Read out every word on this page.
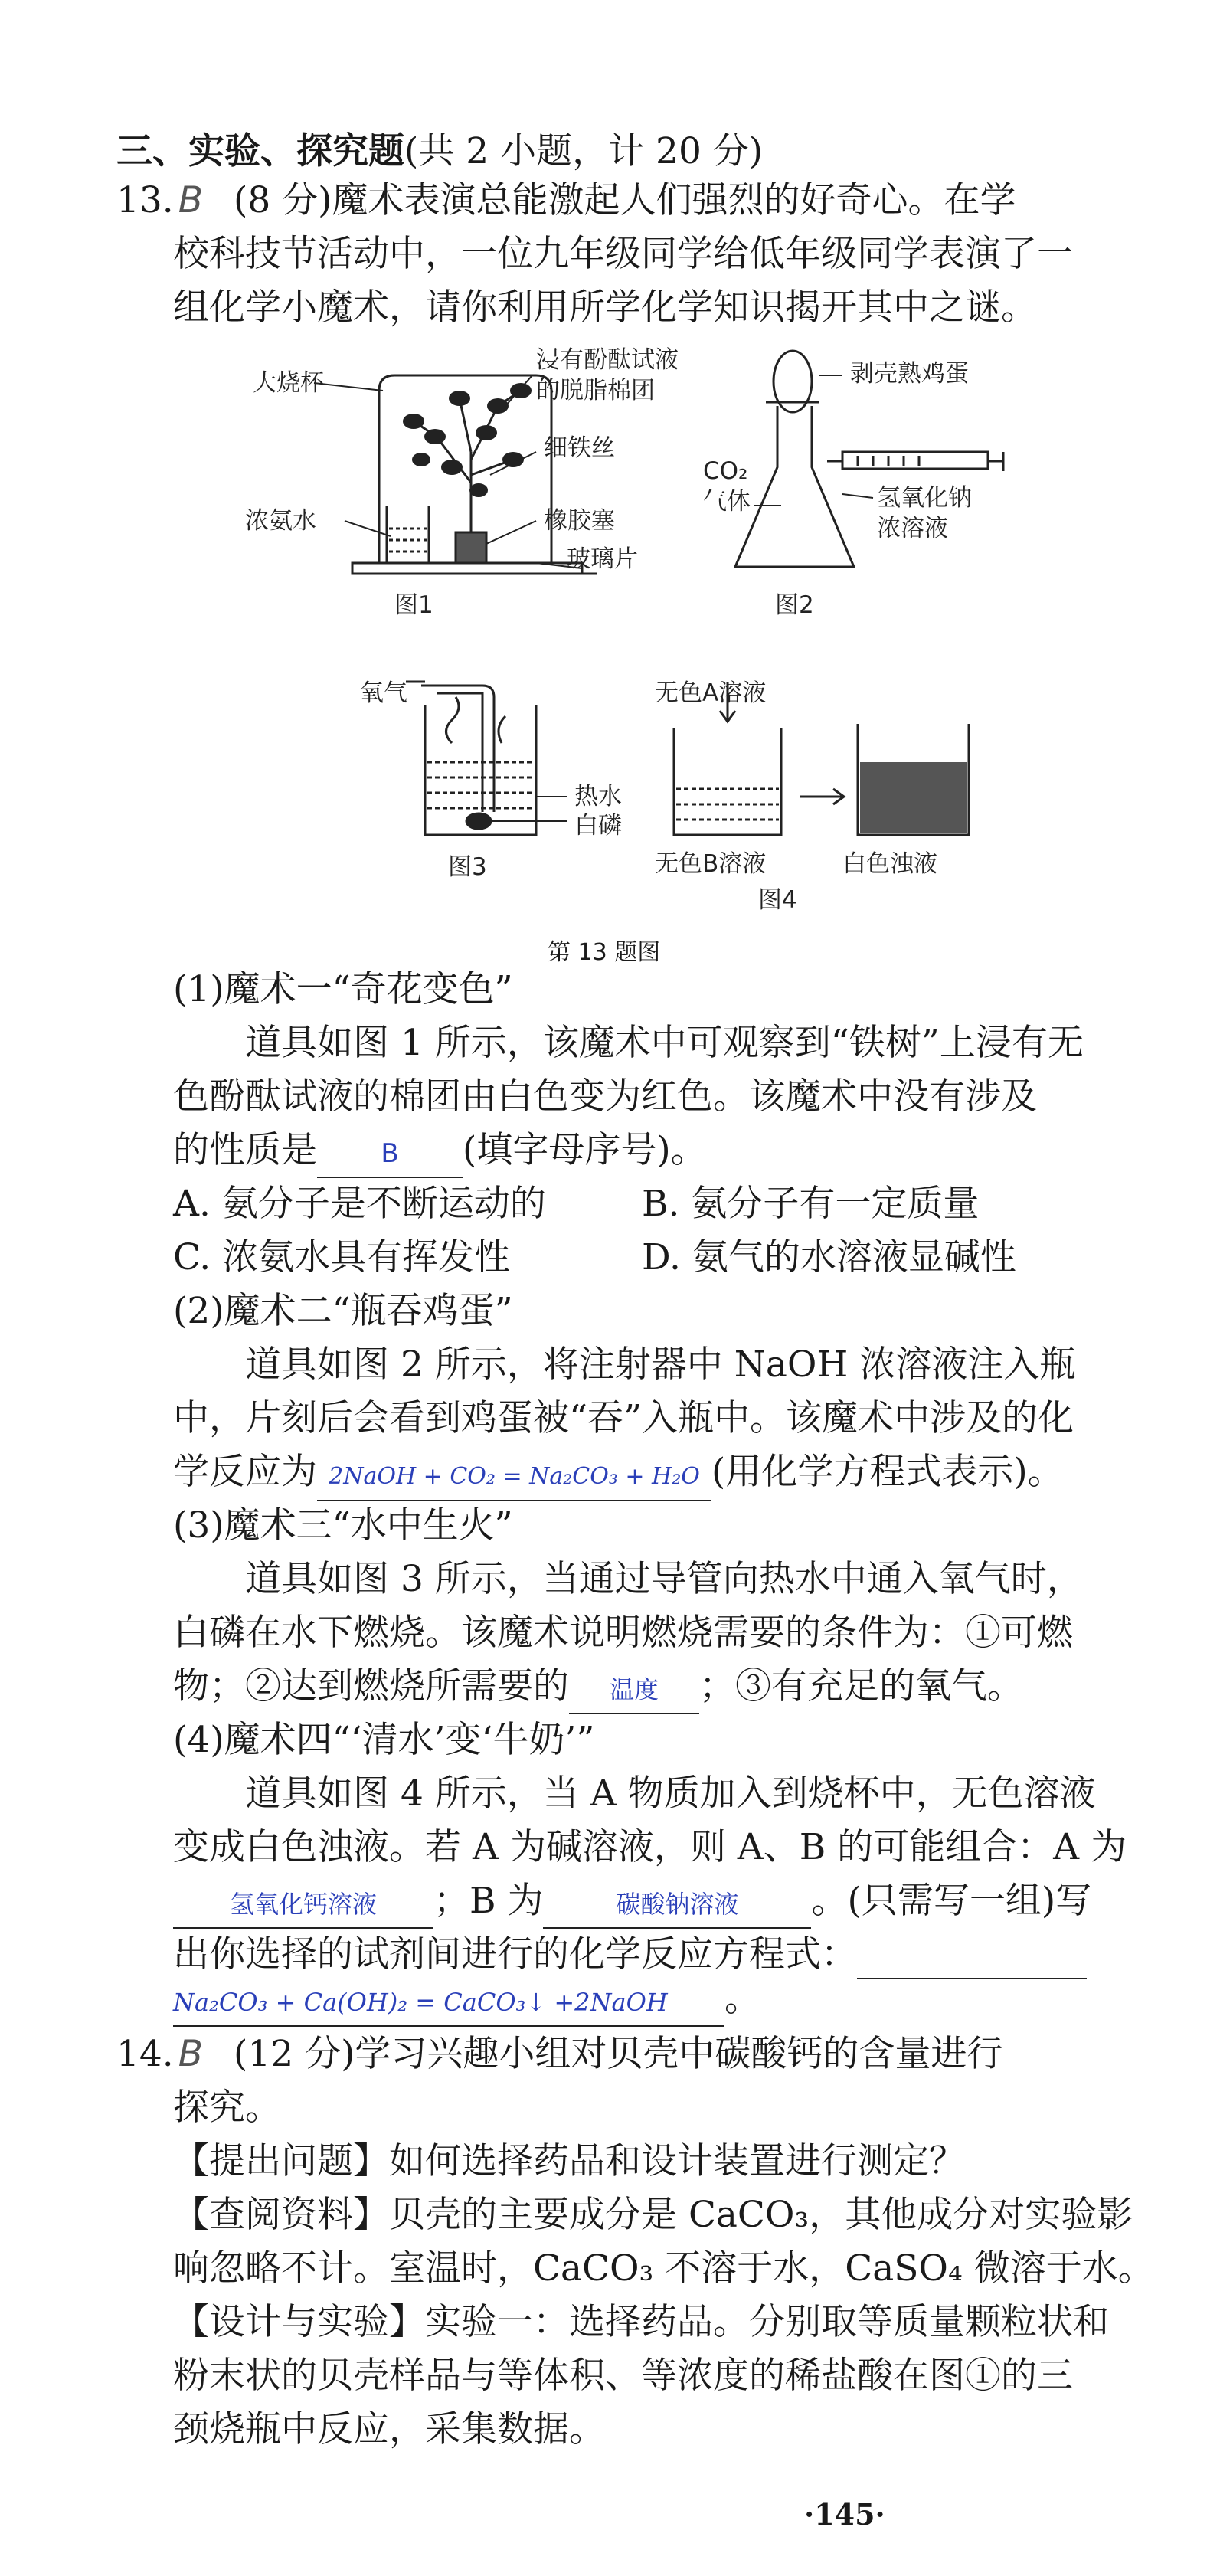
三、实验、探究题(共 2 小题，计 20 分)
13. B (8 分)魔术表演总能激起人们强烈的好奇心。在学
校科技节活动中，一位九年级同学给低年级同学表演了一
组化学小魔术，请你利用所学化学知识揭开其中之谜。
大烧杯
浸有酚酞试液
的脱脂棉团
细铁丝
浓氨水	橡胶塞
玻璃片
图1
剥壳熟鸡蛋
CO₂
气体	氢氧化钠
浓溶液
图2
氧气
热水
白磷
图3
无色A溶液
无色B溶液	白色浊液
图4
第 13 题图
(1)魔术一“奇花变色”
道具如图 1 所示，该魔术中可观察到“铁树”上浸有无
色酚酞试液的棉团由白色变为红色。该魔术中没有涉及
的性质是 B (填字母序号)。
A. 氨分子是不断运动的	B. 氨分子有一定质量
C. 浓氨水具有挥发性	D. 氨气的水溶液显碱性
(2)魔术二“瓶吞鸡蛋”
道具如图 2 所示，将注射器中 NaOH 浓溶液注入瓶
中，片刻后会看到鸡蛋被“吞”入瓶中。该魔术中涉及的化
学反应为 2NaOH + CO₂ = Na₂CO₃ + H₂O (用化学方程式表示)。
(3)魔术三“水中生火”
道具如图 3 所示，当通过导管向热水中通入氧气时，
白磷在水下燃烧。该魔术说明燃烧需要的条件为：①可燃
物；②达到燃烧所需要的 温度 ；③有充足的氧气。
(4)魔术四“‘清水’变‘牛奶’”
道具如图 4 所示，当 A 物质加入到烧杯中，无色溶液
变成白色浊液。若 A 为碱溶液，则 A、B 的可能组合：A 为
氢氧化钙溶液 ；B 为	碳酸钠溶液 。(只需写一组)写
出你选择的试剂间进行的化学反应方程式：
Na₂CO₃ + Ca(OH)₂ = CaCO₃↓ +2NaOH 。
14. B (12 分)学习兴趣小组对贝壳中碳酸钙的含量进行
探究。
【提出问题】如何选择药品和设计装置进行测定？
【查阅资料】贝壳的主要成分是 CaCO₃，其他成分对实验影
响忽略不计。室温时，CaCO₃ 不溶于水，CaSO₄ 微溶于水。
【设计与实验】实验一：选择药品。分别取等质量颗粒状和
粉末状的贝壳样品与等体积、等浓度的稀盐酸在图①的三
颈烧瓶中反应，采集数据。
·145·
